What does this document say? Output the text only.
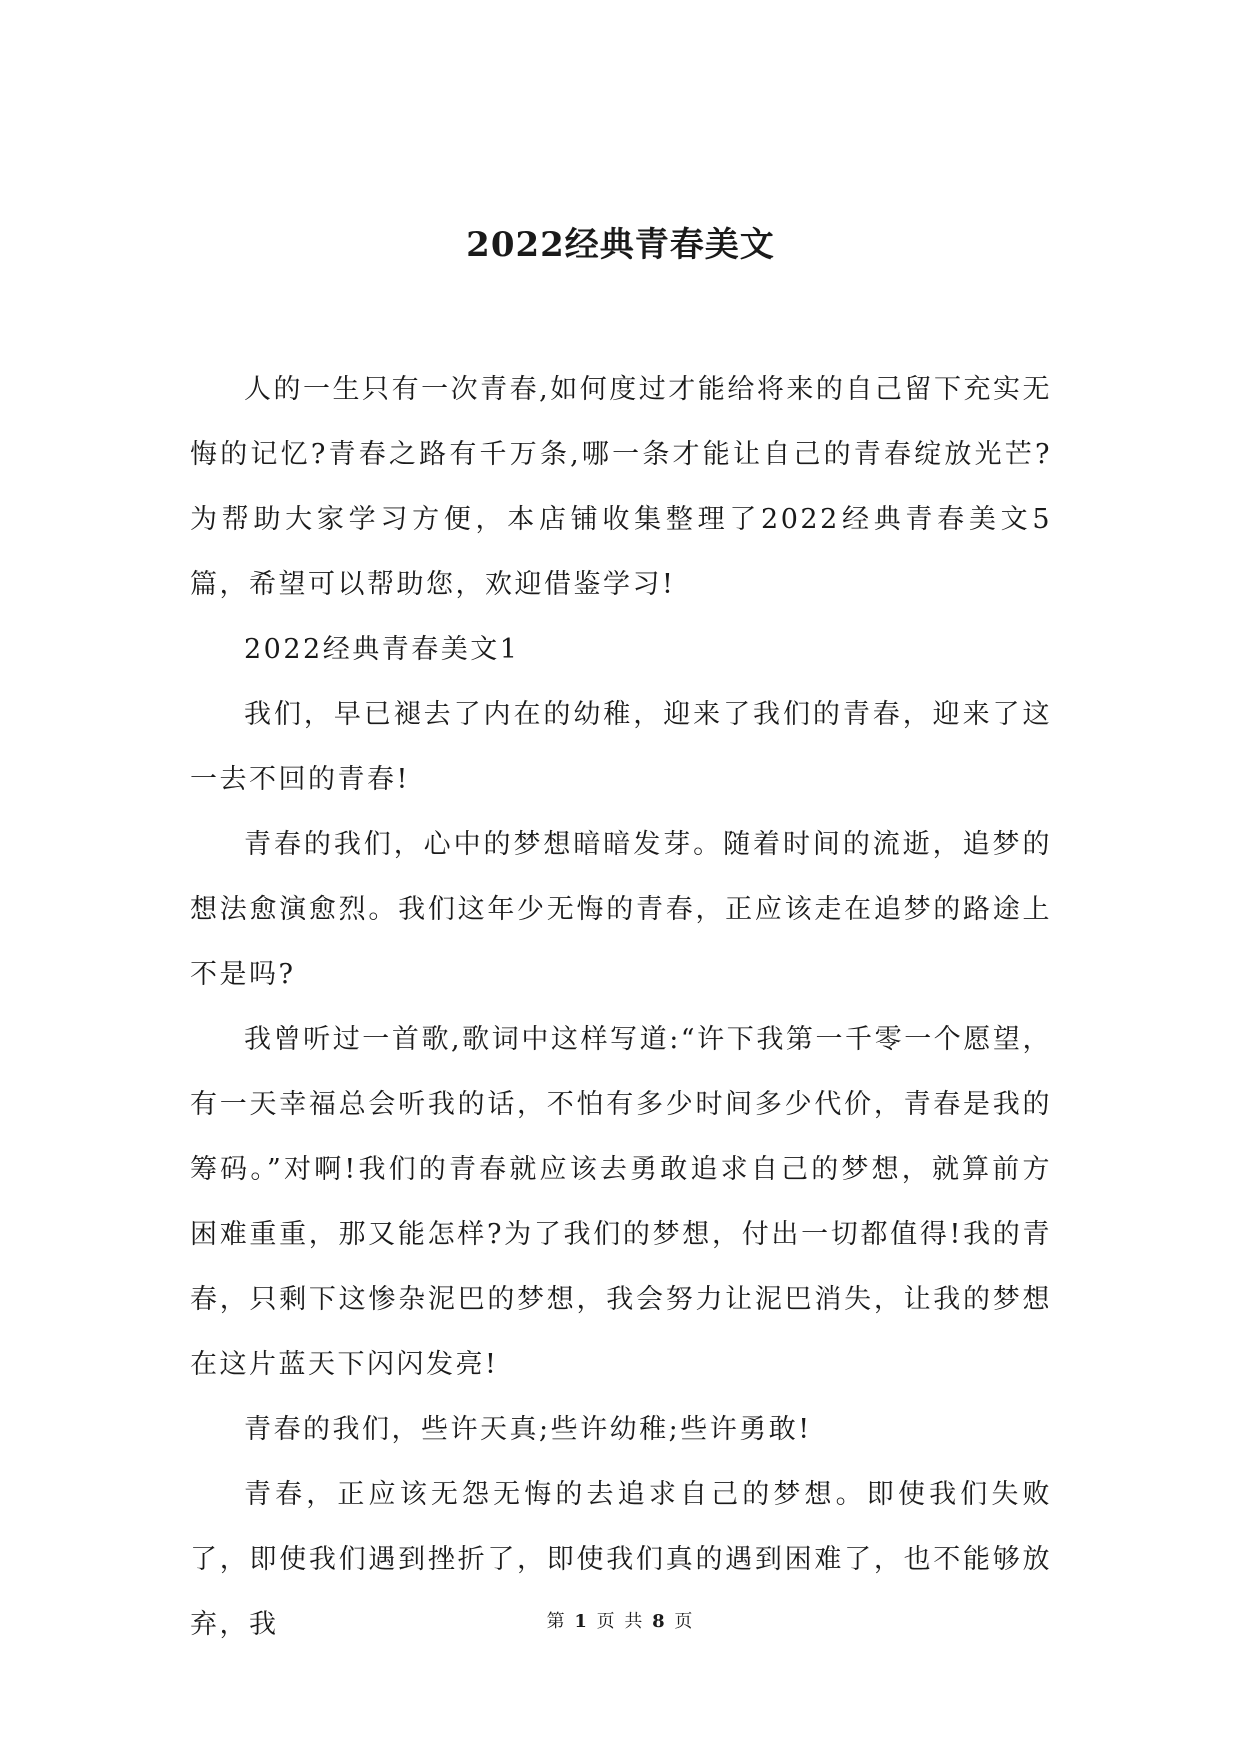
2022经典青春美文

人的一生只有一次青春,如何度过才能给将来的自己留下充实无悔的记忆?青春之路有千万条,哪一条才能让自己的青春绽放光芒?为帮助大家学习方便，本店铺收集整理了2022经典青春美文5篇，希望可以帮助您，欢迎借鉴学习!

2022经典青春美文1

我们，早已褪去了内在的幼稚，迎来了我们的青春，迎来了这一去不回的青春!

青春的我们，心中的梦想暗暗发芽。随着时间的流逝，追梦的想法愈演愈烈。我们这年少无悔的青春，正应该走在追梦的路途上不是吗?

我曾听过一首歌,歌词中这样写道:“许下我第一千零一个愿望，有一天幸福总会听我的话，不怕有多少时间多少代价，青春是我的筹码。”对啊!我们的青春就应该去勇敢追求自己的梦想，就算前方困难重重，那又能怎样?为了我们的梦想，付出一切都值得!我的青春，只剩下这惨杂泥巴的梦想，我会努力让泥巴消失，让我的梦想在这片蓝天下闪闪发亮!

青春的我们，些许天真;些许幼稚;些许勇敢!

青春，正应该无怨无悔的去追求自己的梦想。即使我们失败了，即使我们遇到挫折了，即使我们真的遇到困难了，也不能够放弃，我	第 1 页 共 8 页
